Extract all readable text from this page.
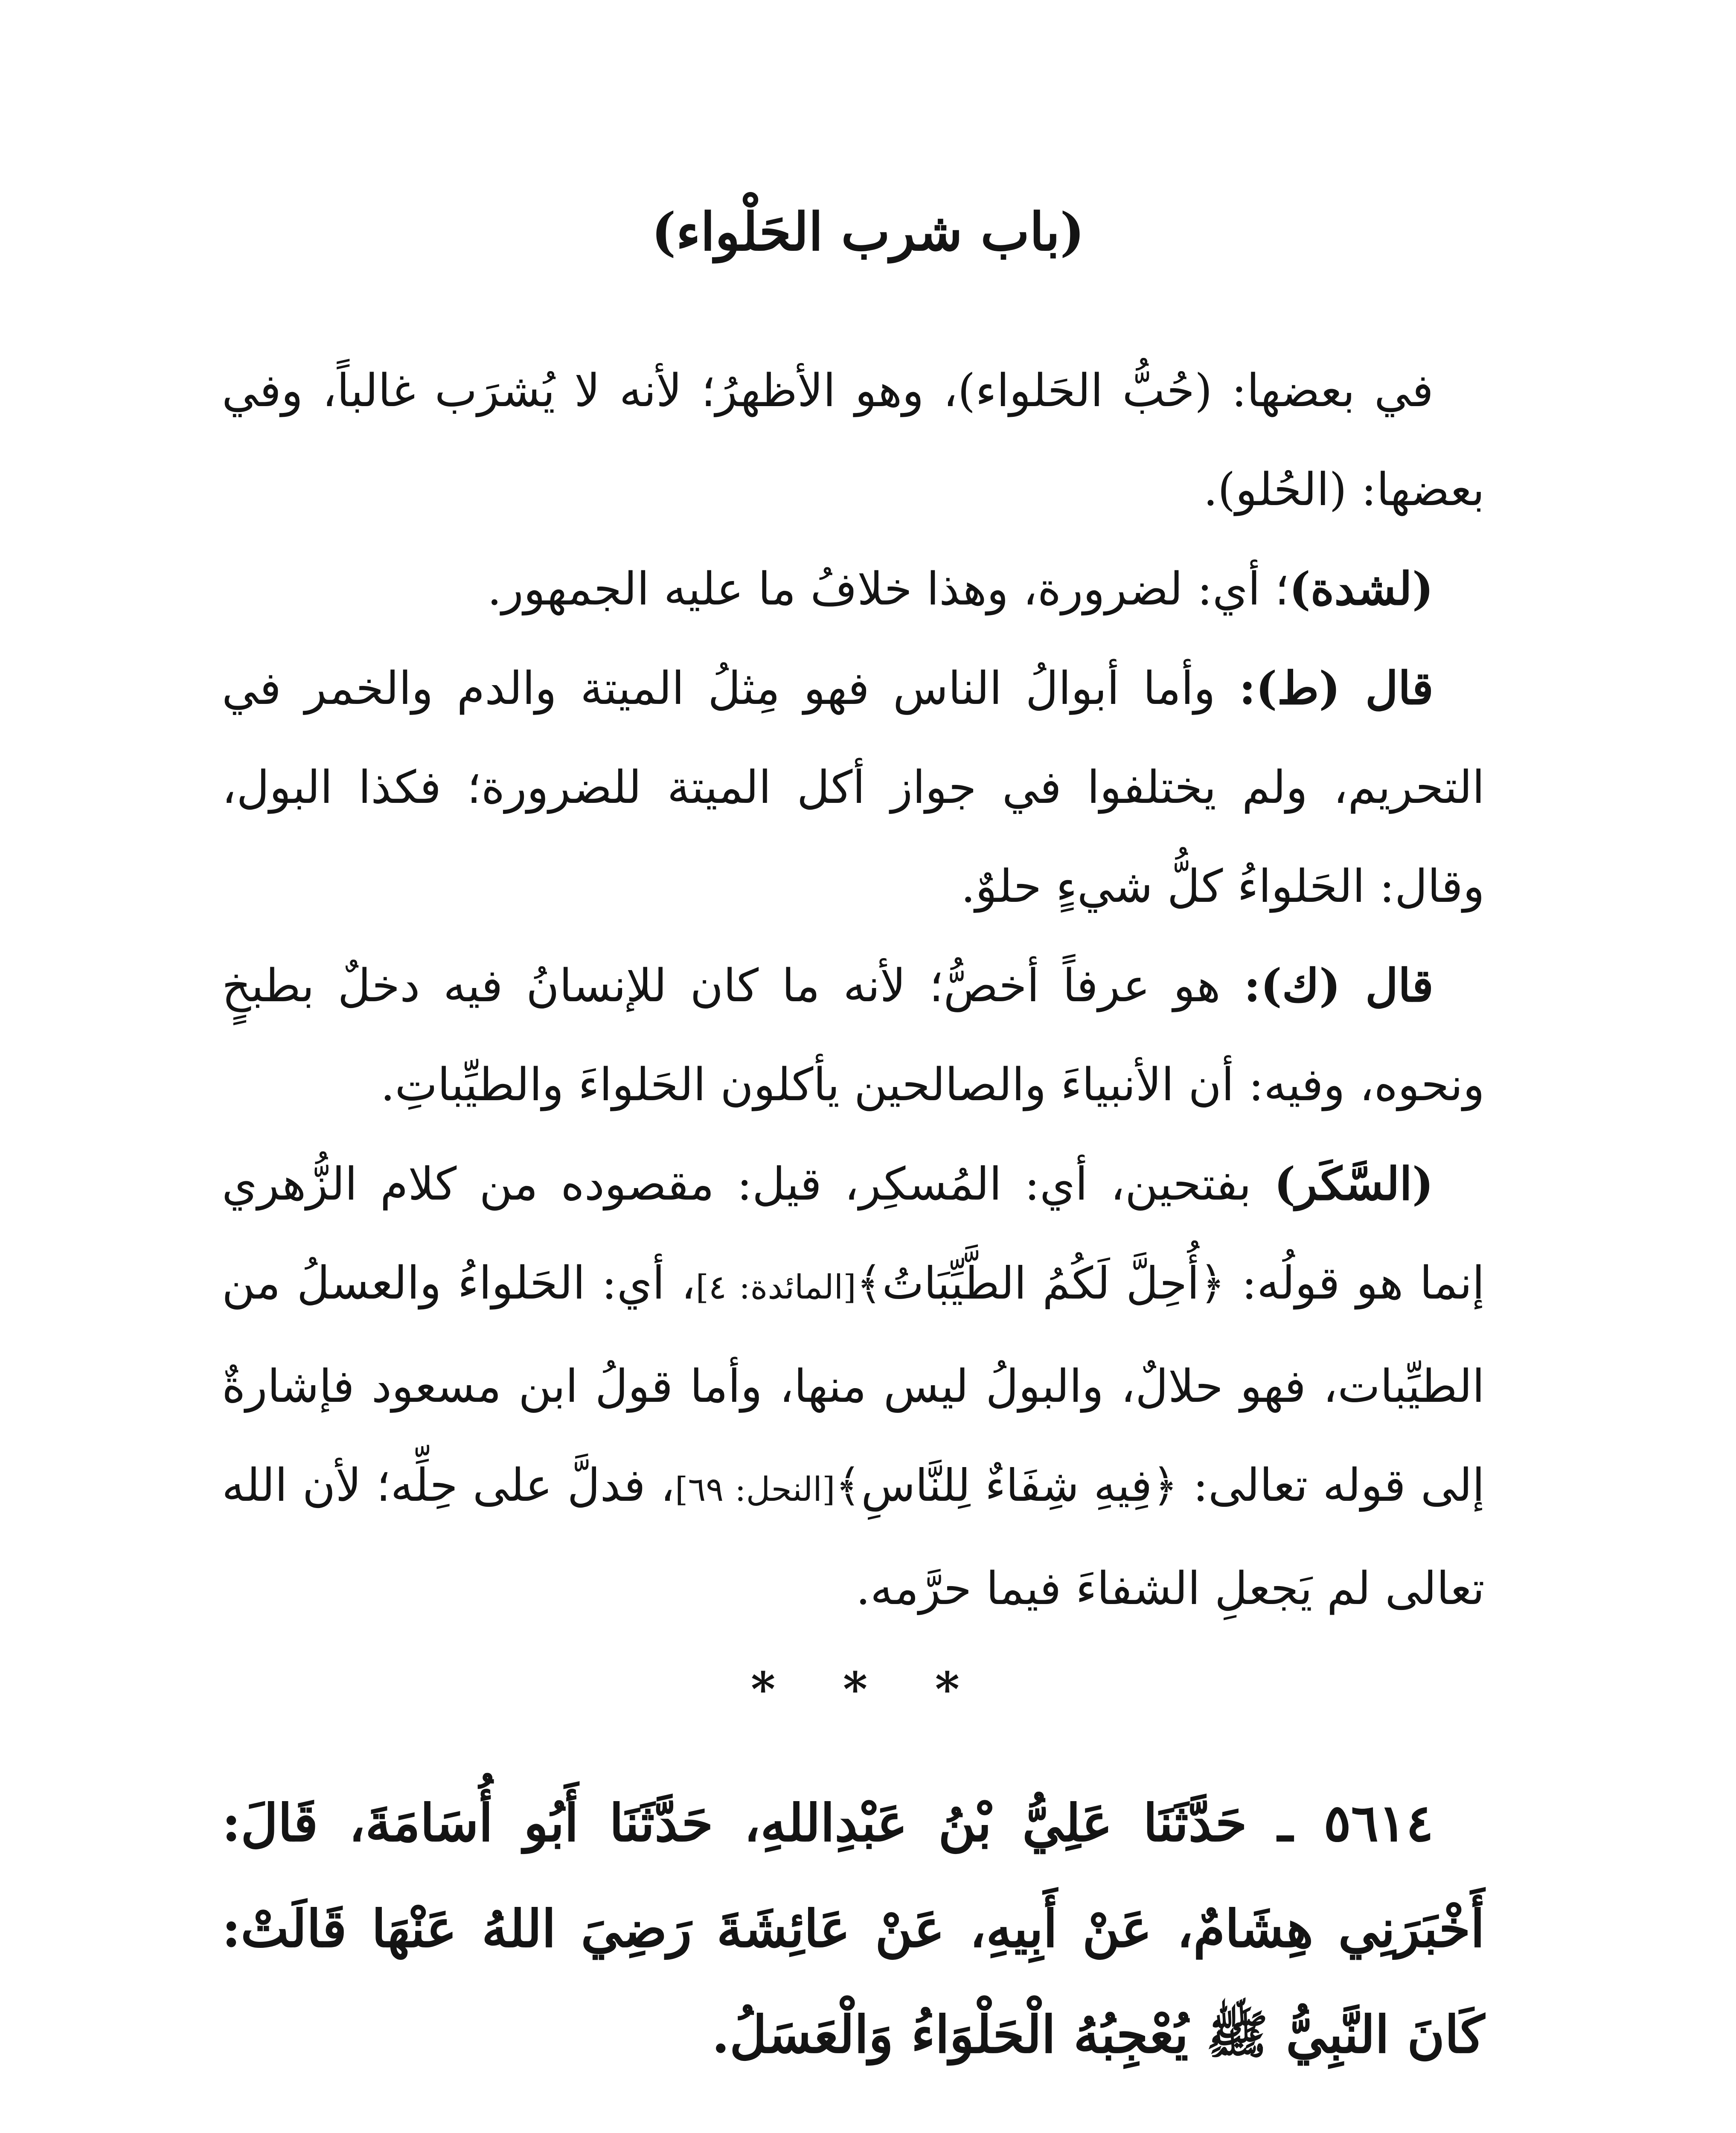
(باب شرب الحَلْواء)

في بعضها: (حُبُّ الحَلواء)، وهو الأظهرُ؛ لأنه لا يُشرَب غالباً، وفي بعضها: (الحُلو).

(لشدة)؛ أي: لضرورة، وهذا خلافُ ما عليه الجمهور.

قال (ط): وأما أبوالُ الناس فهو مِثلُ الميتة والدم والخمر في التحريم، ولم يختلفوا في جواز أكل الميتة للضرورة؛ فكذا البول، وقال: الحَلواءُ كلُّ شيءٍ حلوٌ.

قال (ك): هو عرفاً أخصُّ؛ لأنه ما كان للإنسانُ فيه دخلٌ بطبخٍ ونحوه، وفيه: أن الأنبياءَ والصالحين يأكلون الحَلواءَ والطيِّباتِ.

(السَّكَر) بفتحين، أي: المُسكِر، قيل: مقصوده من كلام الزُّهري إنما هو قولُه: ﴿أُحِلَّ لَكُمُ الطَّيِّبَاتُ﴾[المائدة: ٤]، أي: الحَلواءُ والعسلُ من الطيِّبات، فهو حلالٌ، والبولُ ليس منها، وأما قولُ ابن مسعود فإشارةٌ إلى قوله تعالى: ﴿فِيهِ شِفَاءٌ لِلنَّاسِ﴾[النحل: ٦٩]، فدلَّ على حِلِّه؛ لأن الله تعالى لم يَجعلِ الشفاءَ فيما حرَّمه.

* * *
٥٦١٤ ـ حَدَّثَنَا عَلِيُّ بْنُ عَبْدِاللهِ، حَدَّثَنَا أَبُو أُسَامَةَ، قَالَ: أَخْبَرَنِي هِشَامٌ، عَنْ أَبِيهِ، عَنْ عَائِشَةَ رَضِيَ اللهُ عَنْهَا قَالَتْ: كَانَ النَّبِيُّ ﷺ يُعْجِبُهُ الْحَلْوَاءُ وَالْعَسَلُ.
